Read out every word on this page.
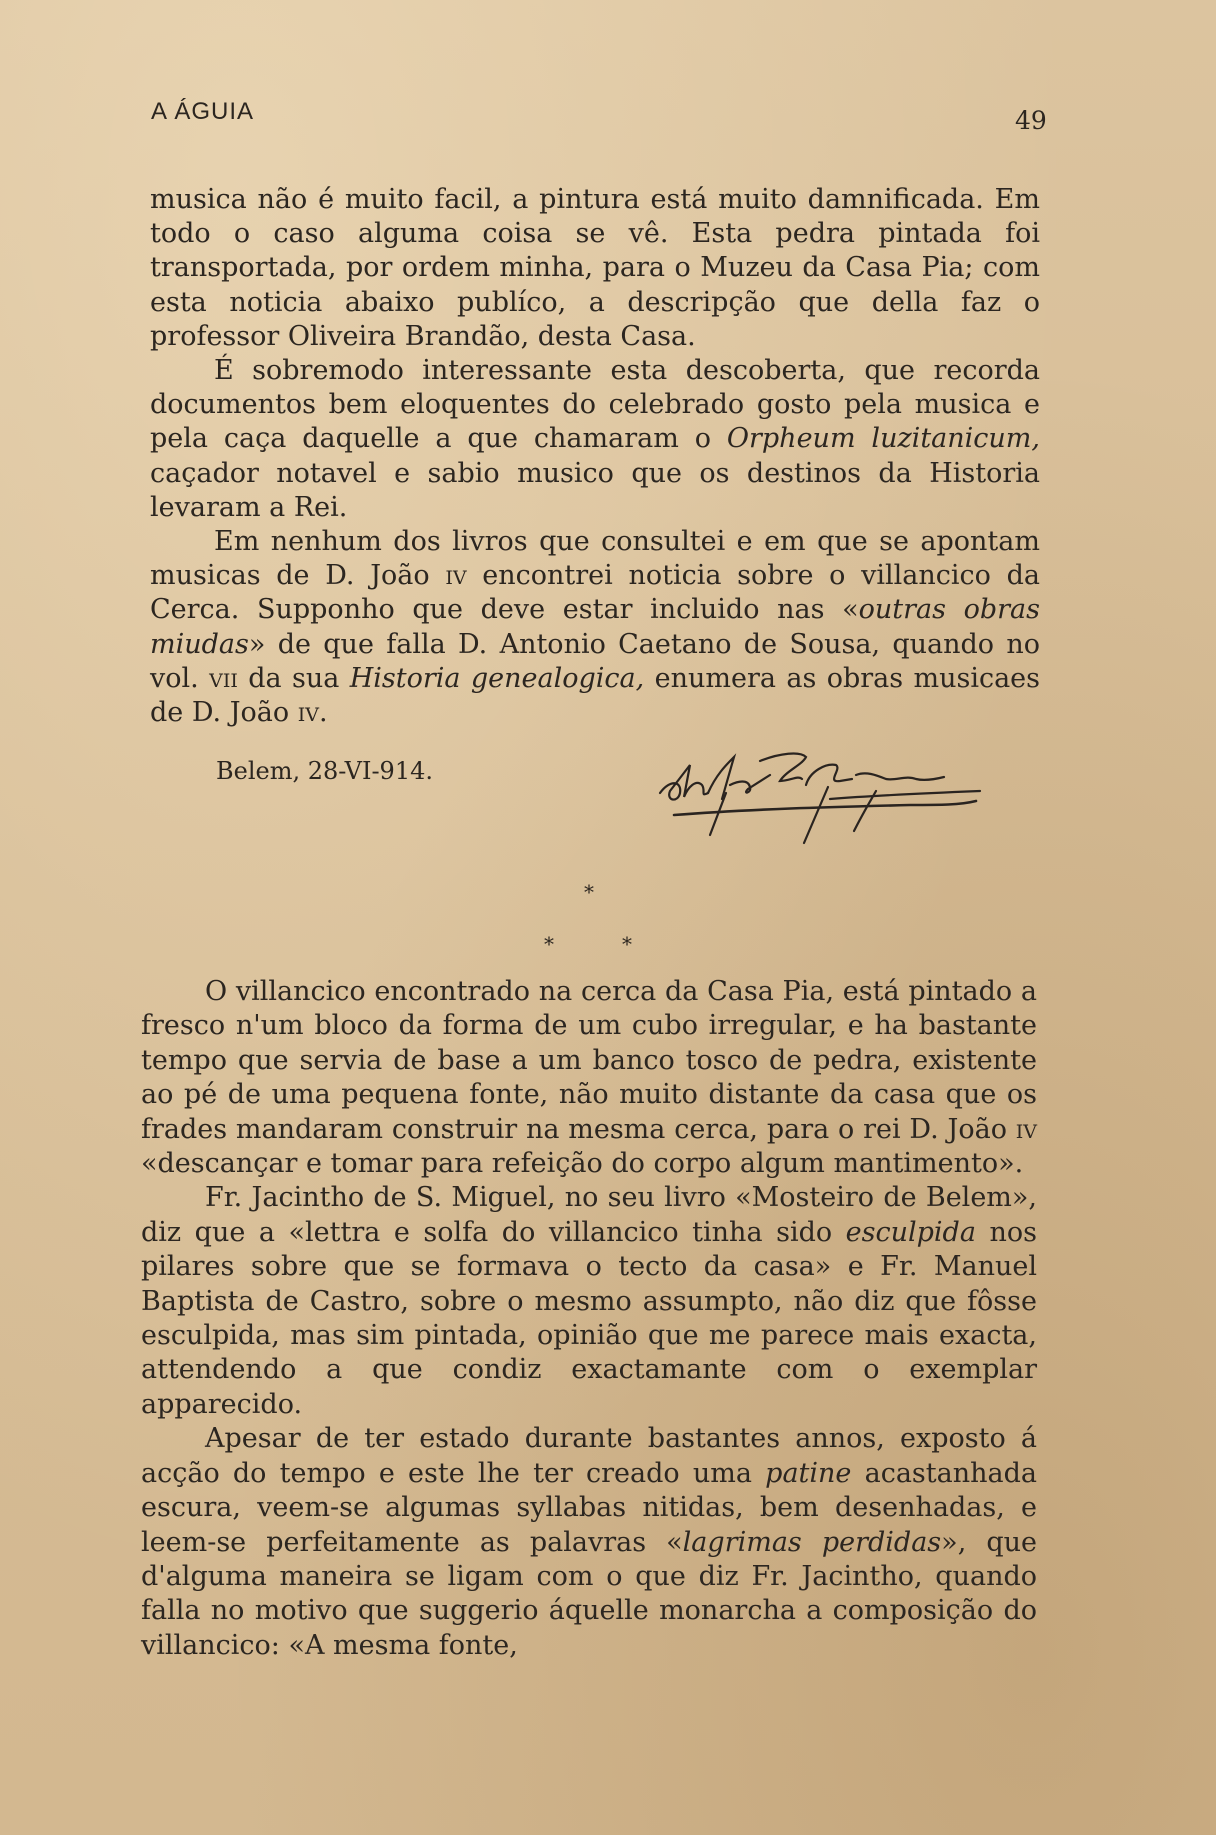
A ÁGUIA	49

musica não é muito facil, a pintura está muito damnificada. Em todo o caso alguma coisa se vê. Esta pedra pintada foi transportada, por ordem minha, para o Muzeu da Casa Pia; com esta noticia abaixo publíco, a descripção que della faz o professor Oliveira Brandão, desta Casa.

É sobremodo interessante esta descoberta, que recorda documentos bem eloquentes do celebrado gosto pela musica e pela caça daquelle a que chamaram o Orpheum luzitanicum, caçador notavel e sabio musico que os destinos da Historia levaram a Rei.

Em nenhum dos livros que consultei e em que se apontam musicas de D. João iv encontrei noticia sobre o villancico da Cerca. Supponho que deve estar incluido nas «outras obras miudas» de que falla D. Antonio Caetano de Sousa, quando no vol. vii da sua Historia genealogica, enumera as obras musicaes de D. João iv.

Belem, 28-VI-914.
*
*	*

O villancico encontrado na cerca da Casa Pia, está pintado a fresco n'um bloco da forma de um cubo irregular, e ha bastante tempo que servia de base a um banco tosco de pedra, existente ao pé de uma pequena fonte, não muito distante da casa que os frades mandaram construir na mesma cerca, para o rei D. João iv «descançar e tomar para refeição do corpo algum mantimento».

Fr. Jacintho de S. Miguel, no seu livro «Mosteiro de Belem», diz que a «lettra e solfa do villancico tinha sido esculpida nos pilares sobre que se formava o tecto da casa» e Fr. Manuel Baptista de Castro, sobre o mesmo assumpto, não diz que fôsse esculpida, mas sim pintada, opinião que me parece mais exacta, attendendo a que condiz exactamante com o exemplar apparecido.

Apesar de ter estado durante bastantes annos, exposto á acção do tempo e este lhe ter creado uma patine acastanhada escura, veem-se algumas syllabas nitidas, bem desenhadas, e leem-se perfeitamente as palavras «lagrimas perdidas», que d'alguma maneira se ligam com o que diz Fr. Jacintho, quando falla no motivo que suggerio áquelle monarcha a composição do villancico: «A mesma fonte,
